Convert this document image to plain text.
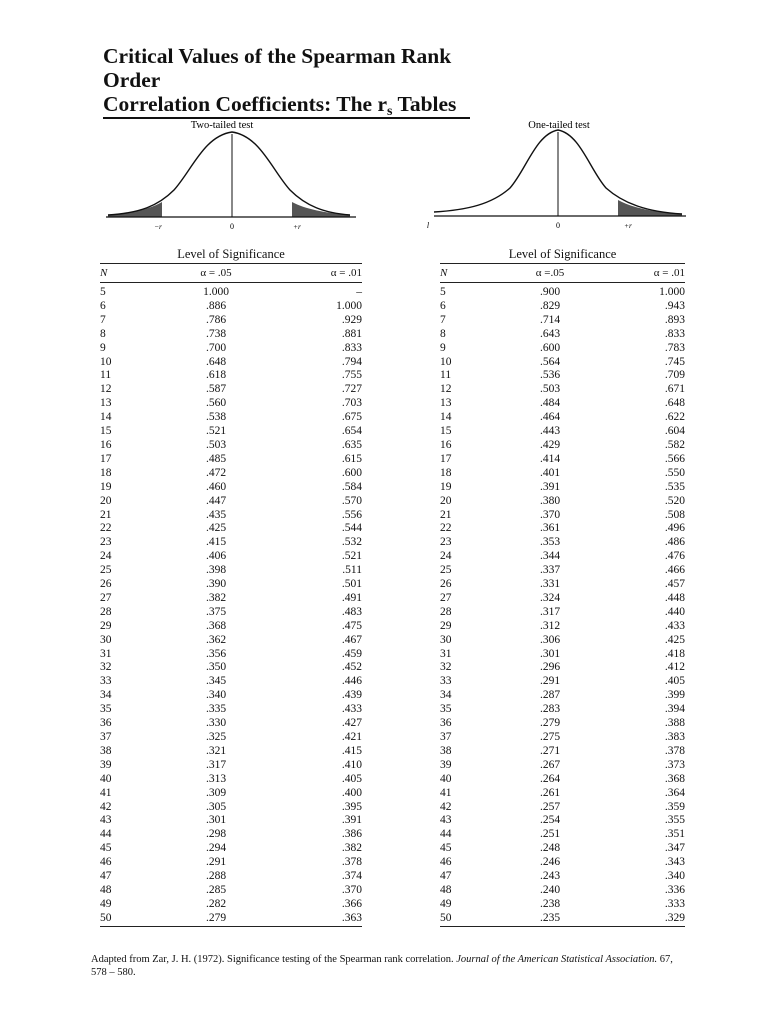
Critical Values of the Spearman Rank Order
Correlation Coefficients: The $r_s$ Tables
Two-tailed test
0
−r	+r
One-tailed test
0	+r
l
Level of Significance
N	α = .05	α = .01
5	1.000	–
6	.886	1.000
7	.786	.929
8	.738	.881
9	.700	.833
10	.648	.794
11	.618	.755
12	.587	.727
13	.560	.703
14	.538	.675
15	.521	.654
16	.503	.635
17	.485	.615
18	.472	.600
19	.460	.584
20	.447	.570
21	.435	.556
22	.425	.544
23	.415	.532
24	.406	.521
25	.398	.511
26	.390	.501
27	.382	.491
28	.375	.483
29	.368	.475
30	.362	.467
31	.356	.459
32	.350	.452
33	.345	.446
34	.340	.439
35	.335	.433
36	.330	.427
37	.325	.421
38	.321	.415
39	.317	.410
40	.313	.405
41	.309	.400
42	.305	.395
43	.301	.391
44	.298	.386
45	.294	.382
46	.291	.378
47	.288	.374
48	.285	.370
49	.282	.366
50	.279	.363
Level of Significance
N	α =.05	α = .01
5	.900	1.000
6	.829	.943
7	.714	.893
8	.643	.833
9	.600	.783
10	.564	.745
11	.536	.709
12	.503	.671
13	.484	.648
14	.464	.622
15	.443	.604
16	.429	.582
17	.414	.566
18	.401	.550
19	.391	.535
20	.380	.520
21	.370	.508
22	.361	.496
23	.353	.486
24	.344	.476
25	.337	.466
26	.331	.457
27	.324	.448
28	.317	.440
29	.312	.433
30	.306	.425
31	.301	.418
32	.296	.412
33	.291	.405
34	.287	.399
35	.283	.394
36	.279	.388
37	.275	.383
38	.271	.378
39	.267	.373
40	.264	.368
41	.261	.364
42	.257	.359
43	.254	.355
44	.251	.351
45	.248	.347
46	.246	.343
47	.243	.340
48	.240	.336
49	.238	.333
50	.235	.329
Adapted from Zar, J. H. (1972). Significance testing of the Spearman rank correlation. Journal of the American Statistical Association. 67, 578 – 580.
